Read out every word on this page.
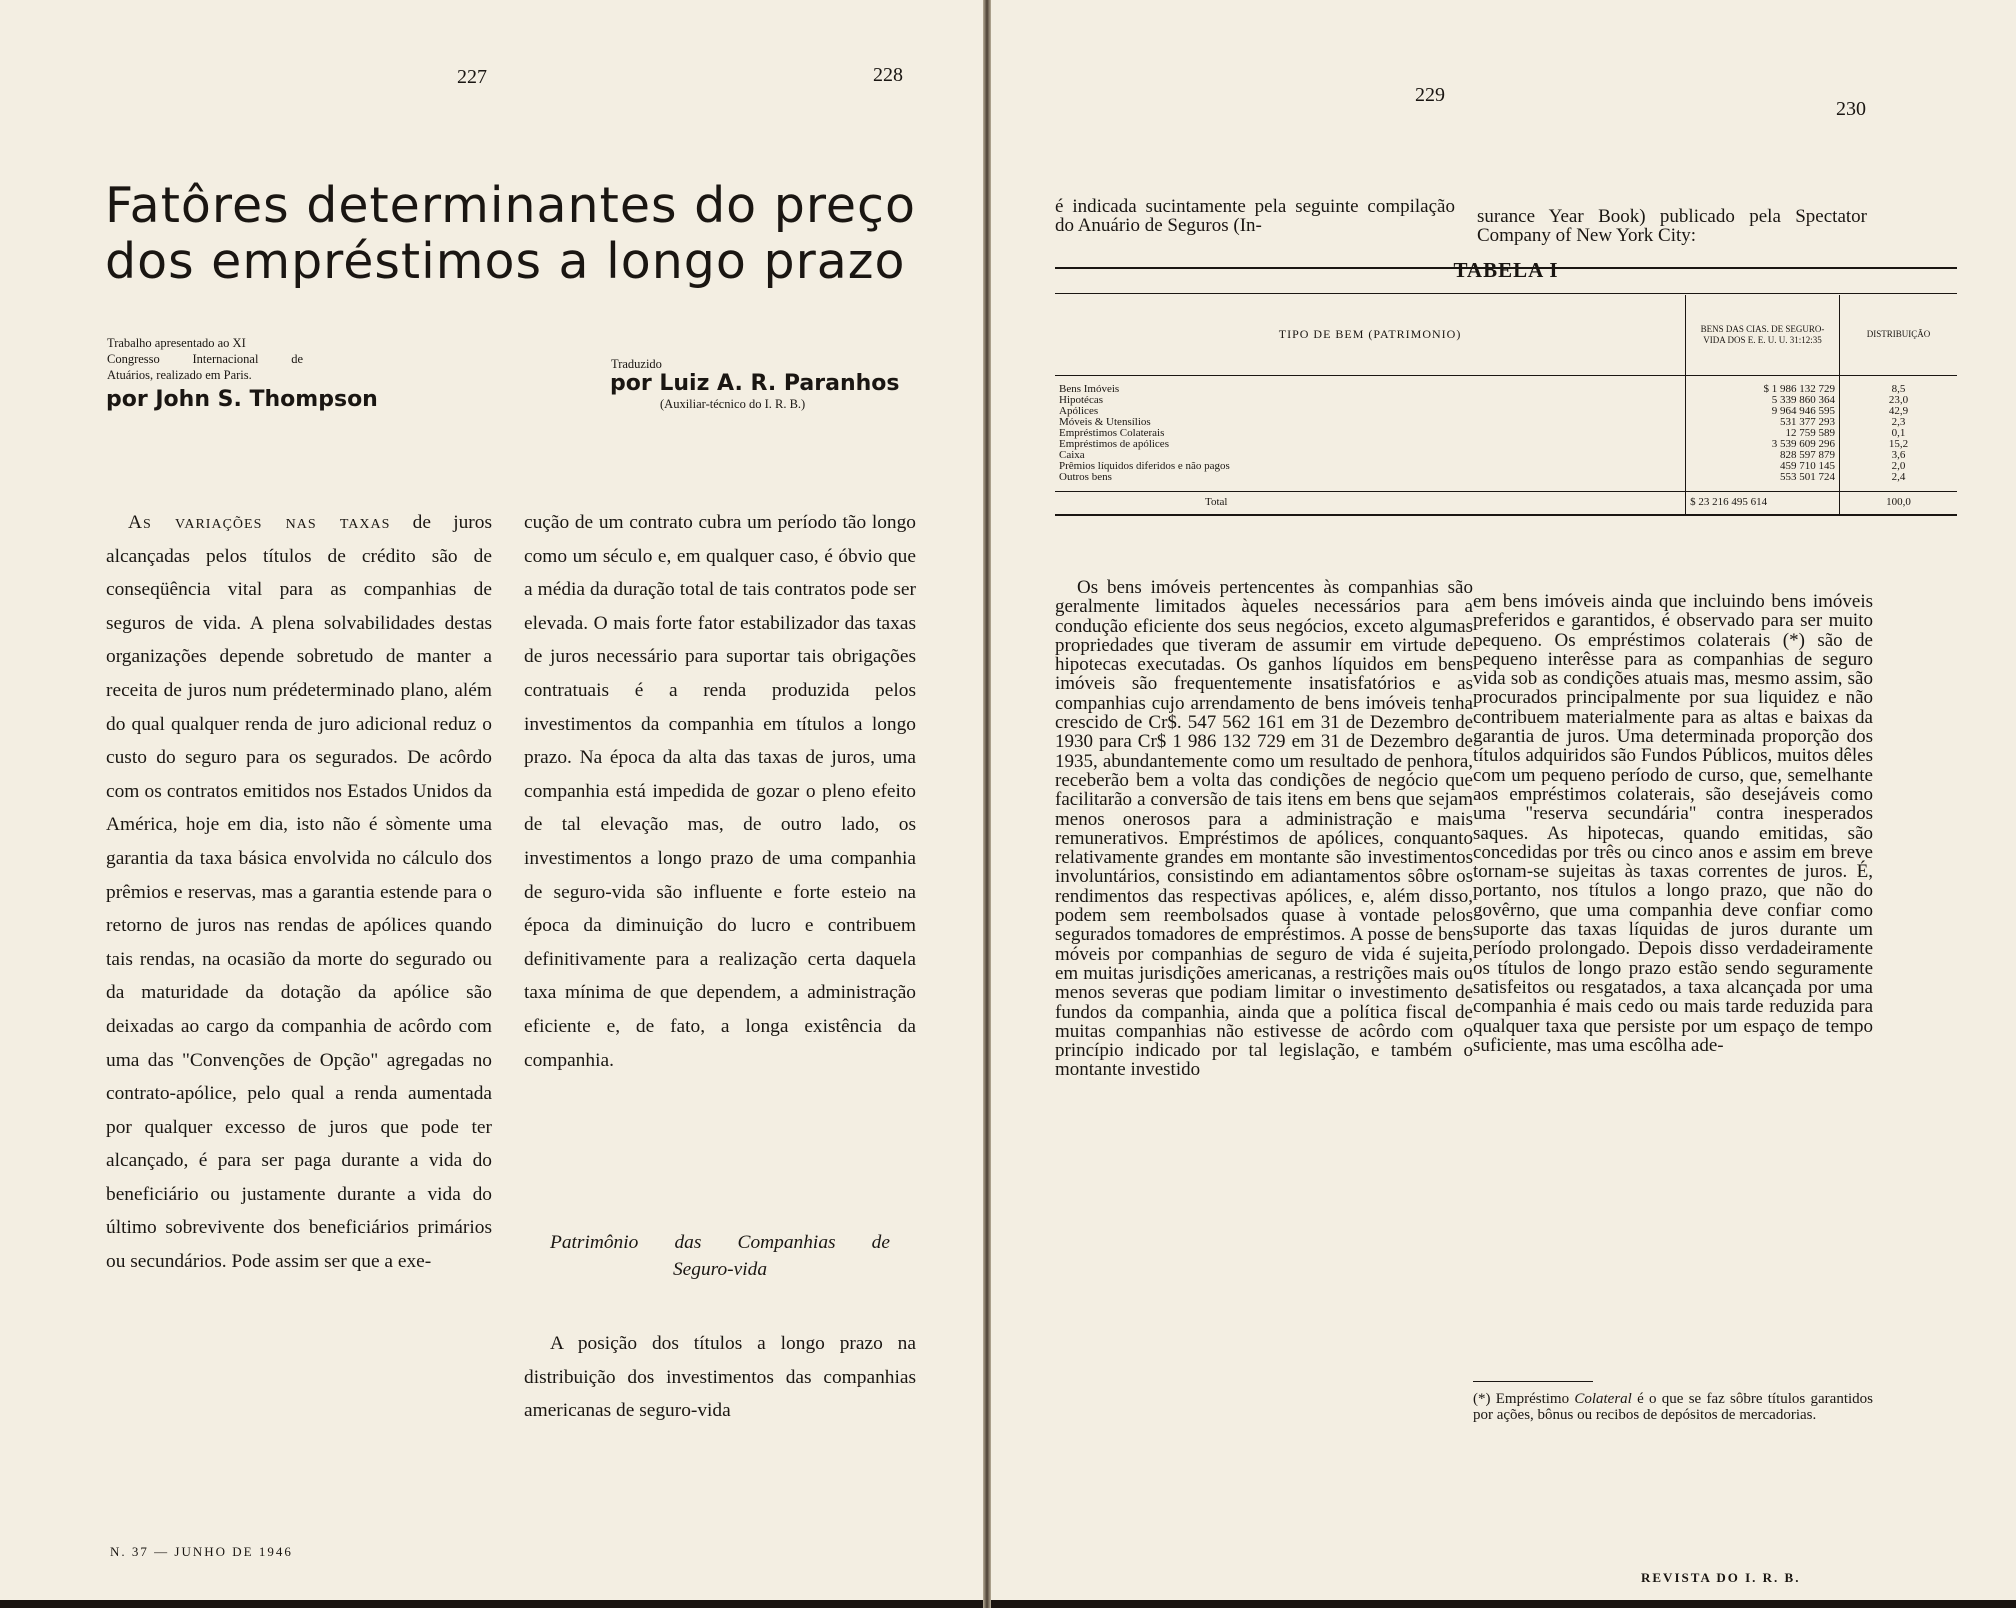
227	228
Fatôres determinantes do preço
dos empréstimos a longo prazo
Trabalho apresentado ao XI
Congresso Internacional de
Atuários, realizado em Paris.
por John S. Thompson
Traduzido
por Luiz A. R. Paranhos
(Auxiliar-técnico do I. R. B.)

As variações nas taxas de juros alcançadas pelos títulos de crédito são de conseqüência vital para as companhias de seguros de vida. A plena solvabilidades destas organizações depende sobretudo de manter a receita de juros num prédeterminado plano, além do qual qualquer renda de juro adicional reduz o custo do seguro para os segurados. De acôrdo com os contratos emitidos nos Estados Unidos da América, hoje em dia, isto não é sòmente uma garantia da taxa básica envolvida no cálculo dos prêmios e reservas, mas a garantia estende para o retorno de juros nas rendas de apólices quando tais rendas, na ocasião da morte do segurado ou da maturidade da dotação da apólice são deixadas ao cargo da companhia de acôrdo com uma das "Convenções de Opção" agregadas no contrato-apólice, pelo qual a renda aumentada por qualquer excesso de juros que pode ter alcançado, é para ser paga durante a vida do beneficiário ou justamente durante a vida do último sobrevivente dos beneficiários primários ou secundários. Pode assim ser que a exe-

cução de um contrato cubra um período tão longo como um século e, em qualquer caso, é óbvio que a média da duração total de tais contratos pode ser elevada. O mais forte fator estabilizador das taxas de juros necessário para suportar tais obrigações contratuais é a renda produzida pelos investimentos da companhia em títulos a longo prazo. Na época da alta das taxas de juros, uma companhia está impedida de gozar o pleno efeito de tal elevação mas, de outro lado, os investimentos a longo prazo de uma companhia de seguro-vida são influente e forte esteio na época da diminuição do lucro e contribuem definitivamente para a realização certa daquela taxa mínima de que dependem, a administração eficiente e, de fato, a longa existência da companhia.

Patrimônio das Companhias de
Seguro-vida

A posição dos títulos a longo prazo na distribuição dos investimentos das companhias americanas de seguro-vida

N. 37 — JUNHO DE 1946
229
230

é indicada sucintamente pela seguinte compilação do Anuário de Seguros (In-	surance Year Book) publicado pela Spectator Company of New York City:

TABELA I
TIPO DE BEM (PATRIMONIO)	BENS DAS CIAS. DE SEGURO-VIDA DOS E. E. U. U. 31:12:35	DISTRIBUIÇÃO
Bens Imóveis	$ 1 986 132 729	8,5
Hipotécas	5 339 860 364	23,0
Apólices	9 964 946 595	42,9
Móveis & Utensílios	531 377 293	2,3
Empréstimos Colaterais	12 759 589	0,1
Empréstimos de apólices	3 539 609 296	15,2
Caixa	828 597 879	3,6
Prêmios líquidos diferidos e não pagos	459 710 145	2,0
Outros bens	553 501 724	2,4
Total	$ 23 216 495 614	100,0

Os bens imóveis pertencentes às companhias são geralmente limitados àqueles necessários para a condução eficiente dos seus negócios, exceto algumas propriedades que tiveram de assumir em virtude de hipotecas executadas. Os ganhos líquidos em bens imóveis são frequentemente insatisfatórios e as companhias cujo arrendamento de bens imóveis tenha crescido de Cr$. 547 562 161 em 31 de Dezembro de 1930 para Cr$ 1 986 132 729 em 31 de Dezembro de 1935, abundantemente como um resultado de penhora, receberão bem a volta das condições de negócio que facilitarão a conversão de tais itens em bens que sejam menos onerosos para a administração e mais remunerativos. Empréstimos de apólices, conquanto relativamente grandes em montante são investimentos involuntários, consistindo em adiantamentos sôbre os rendimentos das respectivas apólices, e, além disso, podem sem reembolsados quase à vontade pelos segurados tomadores de empréstimos. A posse de bens móveis por companhias de seguro de vida é sujeita, em muitas jurisdições americanas, a restrições mais ou menos severas que podiam limitar o investimento de fundos da companhia, ainda que a política fiscal de muitas companhias não estivesse de acôrdo com o princípio indicado por tal legislação, e também o montante investido

em bens imóveis ainda que incluindo bens imóveis preferidos e garantidos, é observado para ser muito pequeno. Os empréstimos colaterais (*) são de pequeno interêsse para as companhias de seguro vida sob as condições atuais mas, mesmo assim, são procurados principalmente por sua liquidez e não contribuem materialmente para as altas e baixas da garantia de juros. Uma determinada proporção dos títulos adquiridos são Fundos Públicos, muitos dêles com um pequeno período de curso, que, semelhante aos empréstimos colaterais, são desejáveis como uma "reserva secundária" contra inesperados saques. As hipotecas, quando emitidas, são concedidas por três ou cinco anos e assim em breve tornam-se sujeitas às taxas correntes de juros. É, portanto, nos títulos a longo prazo, que não do govêrno, que uma companhia deve confiar como suporte das taxas líquidas de juros durante um período prolongado. Depois disso verdadeiramente os títulos de longo prazo estão sendo seguramente satisfeitos ou resgatados, a taxa alcançada por uma companhia é mais cedo ou mais tarde reduzida para qualquer taxa que persiste por um espaço de tempo suficiente, mas uma escôlha ade-

(*) Empréstimo Colateral é o que se faz sôbre títulos garantidos por ações, bônus ou recibos de depósitos de mercadorias.
REVISTA DO I. R. B.
